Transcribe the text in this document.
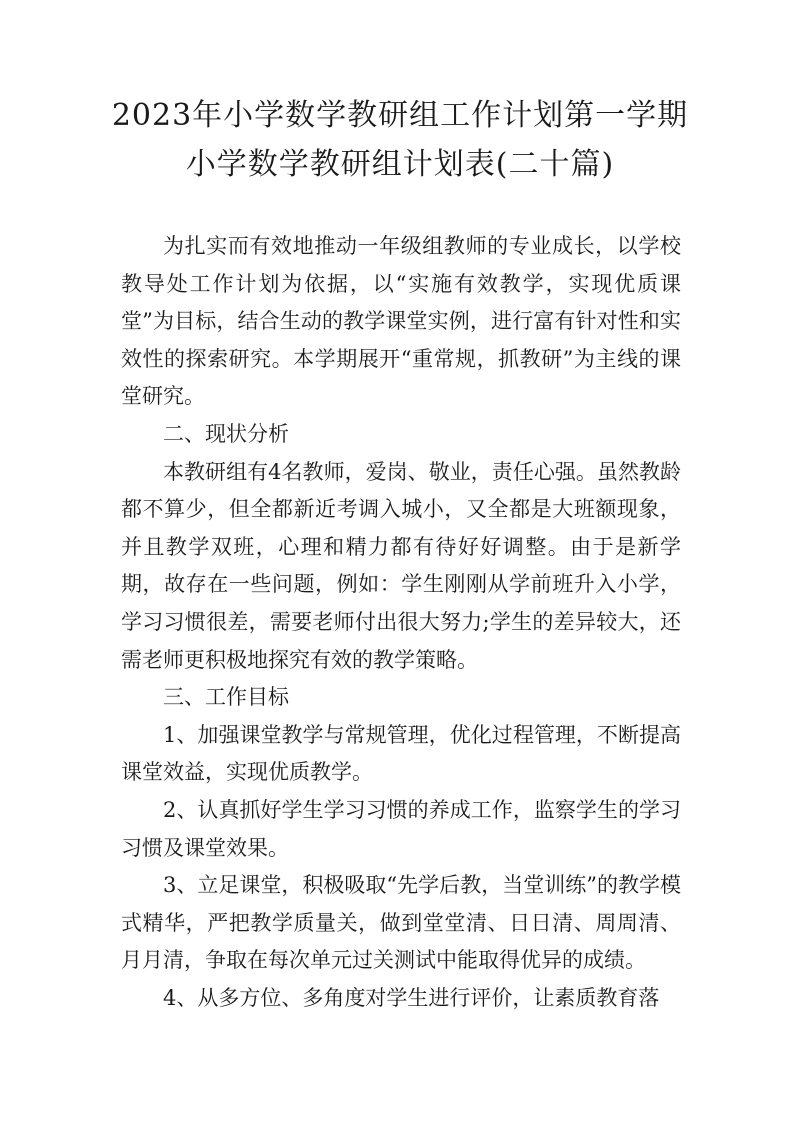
2023年小学数学教研组工作计划第一学期
小学数学教研组计划表(二十篇)

为扎实而有效地推动一年级组教师的专业成长，以学校教导处工作计划为依据，以“实施有效教学，实现优质课堂”为目标，结合生动的教学课堂实例，进行富有针对性和实效性的探索研究。本学期展开“重常规，抓教研”为主线的课堂研究。

二、现状分析

本教研组有4名教师，爱岗、敬业，责任心强。虽然教龄都不算少，但全都新近考调入城小，又全都是大班额现象，并且教学双班，心理和精力都有待好好调整。由于是新学期，故存在一些问题，例如：学生刚刚从学前班升入小学，学习习惯很差，需要老师付出很大努力;学生的差异较大，还需老师更积极地探究有效的教学策略。

三、工作目标

1、加强课堂教学与常规管理，优化过程管理，不断提高课堂效益，实现优质教学。

2、认真抓好学生学习习惯的养成工作，监察学生的学习习惯及课堂效果。

3、立足课堂，积极吸取“先学后教，当堂训练”的教学模式精华，严把教学质量关，做到堂堂清、日日清、周周清、月月清，争取在每次单元过关测试中能取得优异的成绩。

4、从多方位、多角度对学生进行评价，让素质教育落
